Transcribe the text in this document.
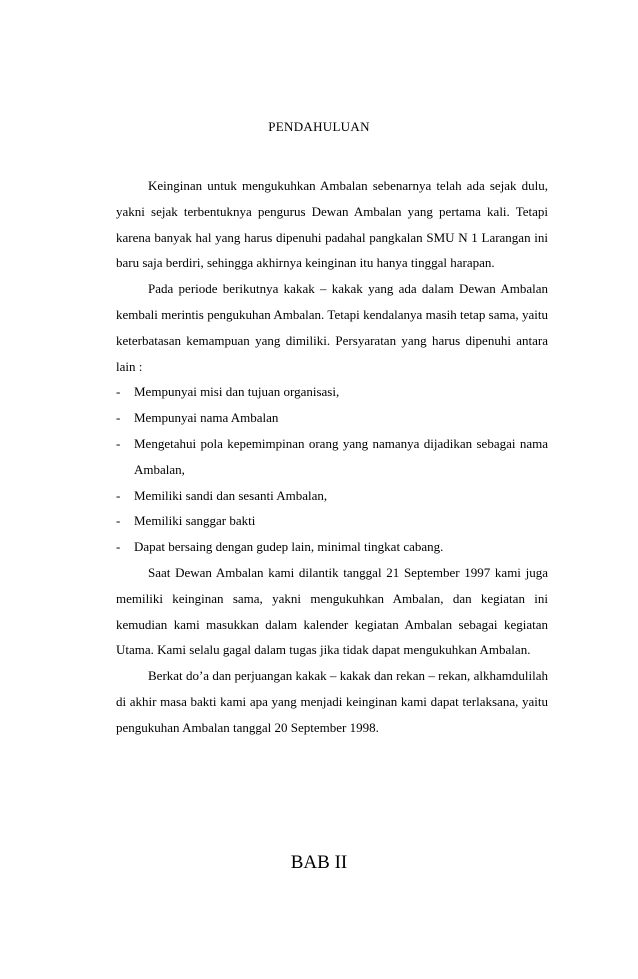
PENDAHULUAN

Keinginan untuk mengukuhkan Ambalan sebenarnya telah ada sejak dulu, yakni sejak terbentuknya pengurus Dewan Ambalan yang pertama kali. Tetapi karena banyak hal yang harus dipenuhi padahal pangkalan SMU N 1 Larangan ini baru saja berdiri, sehingga akhirnya keinginan itu hanya tinggal harapan.

Pada periode berikutnya kakak – kakak yang ada dalam Dewan Ambalan kembali merintis pengukuhan Ambalan. Tetapi kendalanya masih tetap sama, yaitu keterbatasan kemampuan yang dimiliki. Persyaratan yang harus dipenuhi antara lain :

- Mempunyai misi dan tujuan organisasi,
- Mempunyai nama Ambalan
- Mengetahui pola kepemimpinan orang yang namanya dijadikan sebagai nama Ambalan,
- Memiliki sandi dan sesanti Ambalan,
- Memiliki sanggar bakti
- Dapat bersaing dengan gudep lain, minimal tingkat cabang.

Saat Dewan Ambalan kami dilantik tanggal 21 September 1997 kami juga memiliki keinginan sama, yakni mengukuhkan Ambalan, dan kegiatan ini kemudian kami masukkan dalam kalender kegiatan Ambalan sebagai kegiatan Utama. Kami selalu gagal dalam tugas jika tidak dapat mengukuhkan Ambalan.

Berkat do’a dan perjuangan kakak – kakak dan rekan – rekan, alkhamdulilah di akhir masa bakti kami apa yang menjadi keinginan kami dapat terlaksana, yaitu pengukuhan Ambalan tanggal 20 September 1998.

BAB II
